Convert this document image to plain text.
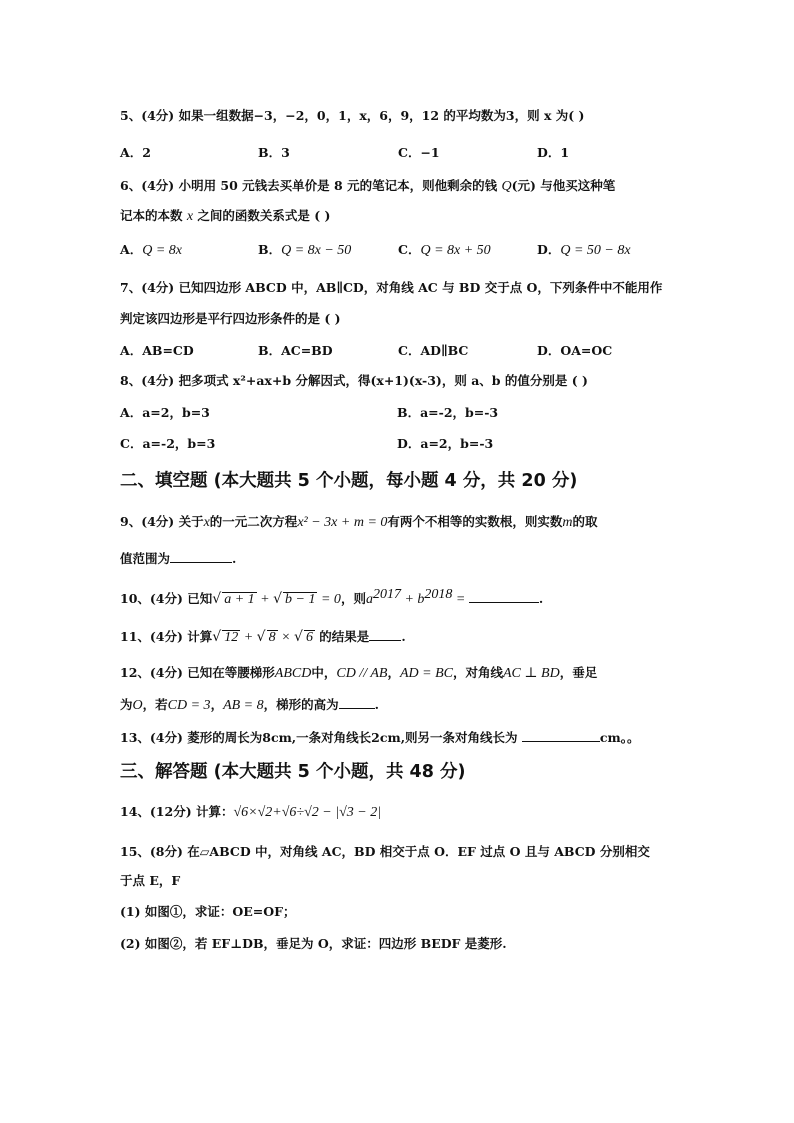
5、(4分) 如果一组数据−3，−2，0，1，x，6，9，12 的平均数为3，则 x 为( )
A．2	B．3	C．−1	D．1
6、(4分) 小明用 50 元钱去买单价是 8 元的笔记本，则他剩余的钱 Q(元) 与他买这种笔
记本的本数 x 之间的函数关系式是 ( )
A．Q = 8x	B．Q = 8x − 50	C．Q = 8x + 50	D．Q = 50 − 8x
7、(4分) 已知四边形 ABCD 中，AB∥CD，对角线 AC 与 BD 交于点 O，下列条件中不能用作
判定该四边形是平行四边形条件的是 ( )
A．AB=CD	B．AC=BD	C．AD∥BC	D．OA=OC
8、(4分) 把多项式 x²+ax+b 分解因式，得(x+1)(x-3)，则 a、b 的值分别是 ( )
A．a=2，b=3	B．a=-2，b=-3
C．a=-2，b=3	D．a=2，b=-3
二、填空题 (本大题共 5 个小题，每小题 4 分，共 20 分)
9、(4分) 关于x的一元二次方程x² − 3x + m = 0有两个不相等的实数根，则实数m的取
值范围为	.
10、(4分) 已知√ a + 1 + √ b − 1 = 0，则$a^{2017} + b^{2018}$ =	.
11、(4分) 计算√ 12 + √ 8 × √ 6 的结果是	.
12、(4分) 已知在等腰梯形ABCD中，CD // AB，AD = BC，对角线AC ⊥ BD，垂足
为O，若CD = 3，AB = 8，梯形的高为	.
13、(4分) 菱形的周长为8cm,一条对角线长2cm,则另一条对角线长为	cm。。
三、解答题 (本大题共 5 个小题，共 48 分)
14、(12分) 计算：√6×√2+√6÷√2 − |√3 − 2|
15、(8分) 在▱ABCD 中，对角线 AC，BD 相交于点 O．EF 过点 O 且与 ABCD 分别相交
于点 E，F
(1) 如图①，求证：OE=OF；
(2) 如图②，若 EF⊥DB，垂足为 O，求证：四边形 BEDF 是菱形.
